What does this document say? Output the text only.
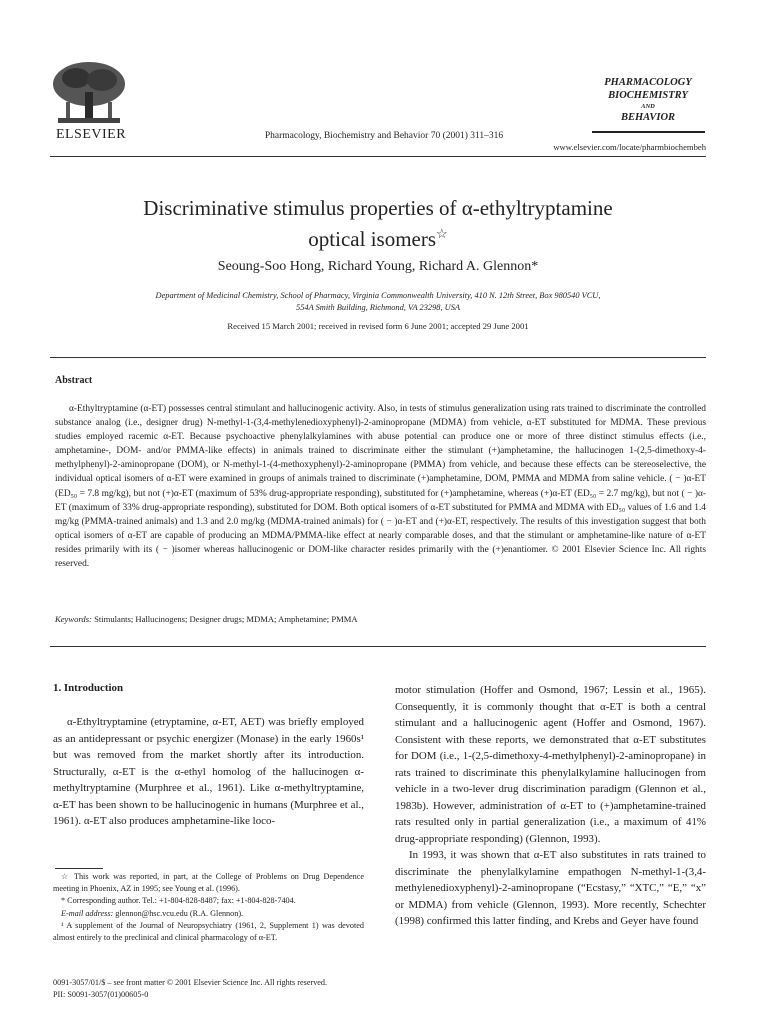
ELSEVIER	Pharmacology, Biochemistry and Behavior 70 (2001) 311–316
PHARMACOLOGY
BIOCHEMISTRY
AND
BEHAVIOR
www.elsevier.com/locate/pharmbiochembeh
Discriminative stimulus properties of α-ethyltryptamine
optical isomers☆
Seoung-Soo Hong, Richard Young, Richard A. Glennon*
Department of Medicinal Chemistry, School of Pharmacy, Virginia Commonwealth University, 410 N. 12th Street, Box 980540 VCU,
554A Smith Building, Richmond, VA 23298, USA
Received 15 March 2001; received in revised form 6 June 2001; accepted 29 June 2001
Abstract

α-Ethyltryptamine (α-ET) possesses central stimulant and hallucinogenic activity. Also, in tests of stimulus generalization using rats trained to discriminate the controlled substance analog (i.e., designer drug) N-methyl-1-(3,4-methylenedioxyphenyl)-2-aminopropane (MDMA) from vehicle, α-ET substituted for MDMA. These previous studies employed racemic α-ET. Because psychoactive phenylalkylamines with abuse potential can produce one or more of three distinct stimulus effects (i.e., amphetamine-, DOM- and/or PMMA-like effects) in animals trained to discriminate either the stimulant (+)amphetamine, the hallucinogen 1-(2,5-dimethoxy-4-methylphenyl)-2-aminopropane (DOM), or N-methyl-1-(4-methoxyphenyl)-2-aminopropane (PMMA) from vehicle, and because these effects can be stereoselective, the individual optical isomers of α-ET were examined in groups of animals trained to discriminate (+)amphetamine, DOM, PMMA and MDMA from saline vehicle. ( − )α-ET (ED₅₀ = 7.8 mg/kg), but not (+)α-ET (maximum of 53% drug-appropriate responding), substituted for (+)amphetamine, whereas (+)α-ET (ED₅₀ = 2.7 mg/kg), but not ( − )α-ET (maximum of 33% drug-appropriate responding), substituted for DOM. Both optical isomers of α-ET substituted for PMMA and MDMA with ED₅₀ values of 1.6 and 1.4 mg/kg (PMMA-trained animals) and 1.3 and 2.0 mg/kg (MDMA-trained animals) for ( − )α-ET and (+)α-ET, respectively. The results of this investigation suggest that both optical isomers of α-ET are capable of producing an MDMA/PMMA-like effect at nearly comparable doses, and that the stimulant or amphetamine-like nature of α-ET resides primarily with its ( − )isomer whereas hallucinogenic or DOM-like character resides primarily with the (+)enantiomer. © 2001 Elsevier Science Inc. All rights reserved.

Keywords: Stimulants; Hallucinogens; Designer drugs; MDMA; Amphetamine; PMMA
1. Introduction

α-Ethyltryptamine (etryptamine, α-ET, AET) was briefly employed as an antidepressant or psychic energizer (Monase) in the early 1960s¹ but was removed from the market shortly after its introduction. Structurally, α-ET is the α-ethyl homolog of the hallucinogen α-methyltryptamine (Murphree et al., 1961). Like α-methyltryptamine, α-ET has been shown to be hallucinogenic in humans (Murphree et al., 1961). α-ET also produces amphetamine-like loco-

motor stimulation (Hoffer and Osmond, 1967; Lessin et al., 1965). Consequently, it is commonly thought that α-ET is both a central stimulant and a hallucinogenic agent (Hoffer and Osmond, 1967). Consistent with these reports, we demonstrated that α-ET substitutes for DOM (i.e., 1-(2,5-dimethoxy-4-methylphenyl)-2-aminopropane) in rats trained to discriminate this phenylalkylamine hallucinogen from vehicle in a two-lever drug discrimination paradigm (Glennon et al., 1983b). However, administration of α-ET to (+)amphetamine-trained rats resulted only in partial generalization (i.e., a maximum of 41% drug-appropriate responding) (Glennon, 1993).

In 1993, it was shown that α-ET also substitutes in rats trained to discriminate the phenylalkylamine empathogen N-methyl-1-(3,4-methylenedioxyphenyl)-2-aminopropane (“Ecstasy,” “XTC,” “E,” “x” or MDMA) from vehicle (Glennon, 1993). More recently, Schechter (1998) confirmed this latter finding, and Krebs and Geyer have found

☆ This work was reported, in part, at the College of Problems on Drug Dependence meeting in Phoenix, AZ in 1995; see Young et al. (1996).

* Corresponding author. Tel.: +1-804-828-8487; fax: +1-804-828-7404.

E-mail address: glennon@hsc.vcu.edu (R.A. Glennon).

¹ A supplement of the Journal of Neuropsychiatry (1961, 2, Supplement 1) was devoted almost entirely to the preclinical and clinical pharmacology of α-ET.

0091-3057/01/$ – see front matter © 2001 Elsevier Science Inc. All rights reserved.
PII: S0091-3057(01)00605-0
